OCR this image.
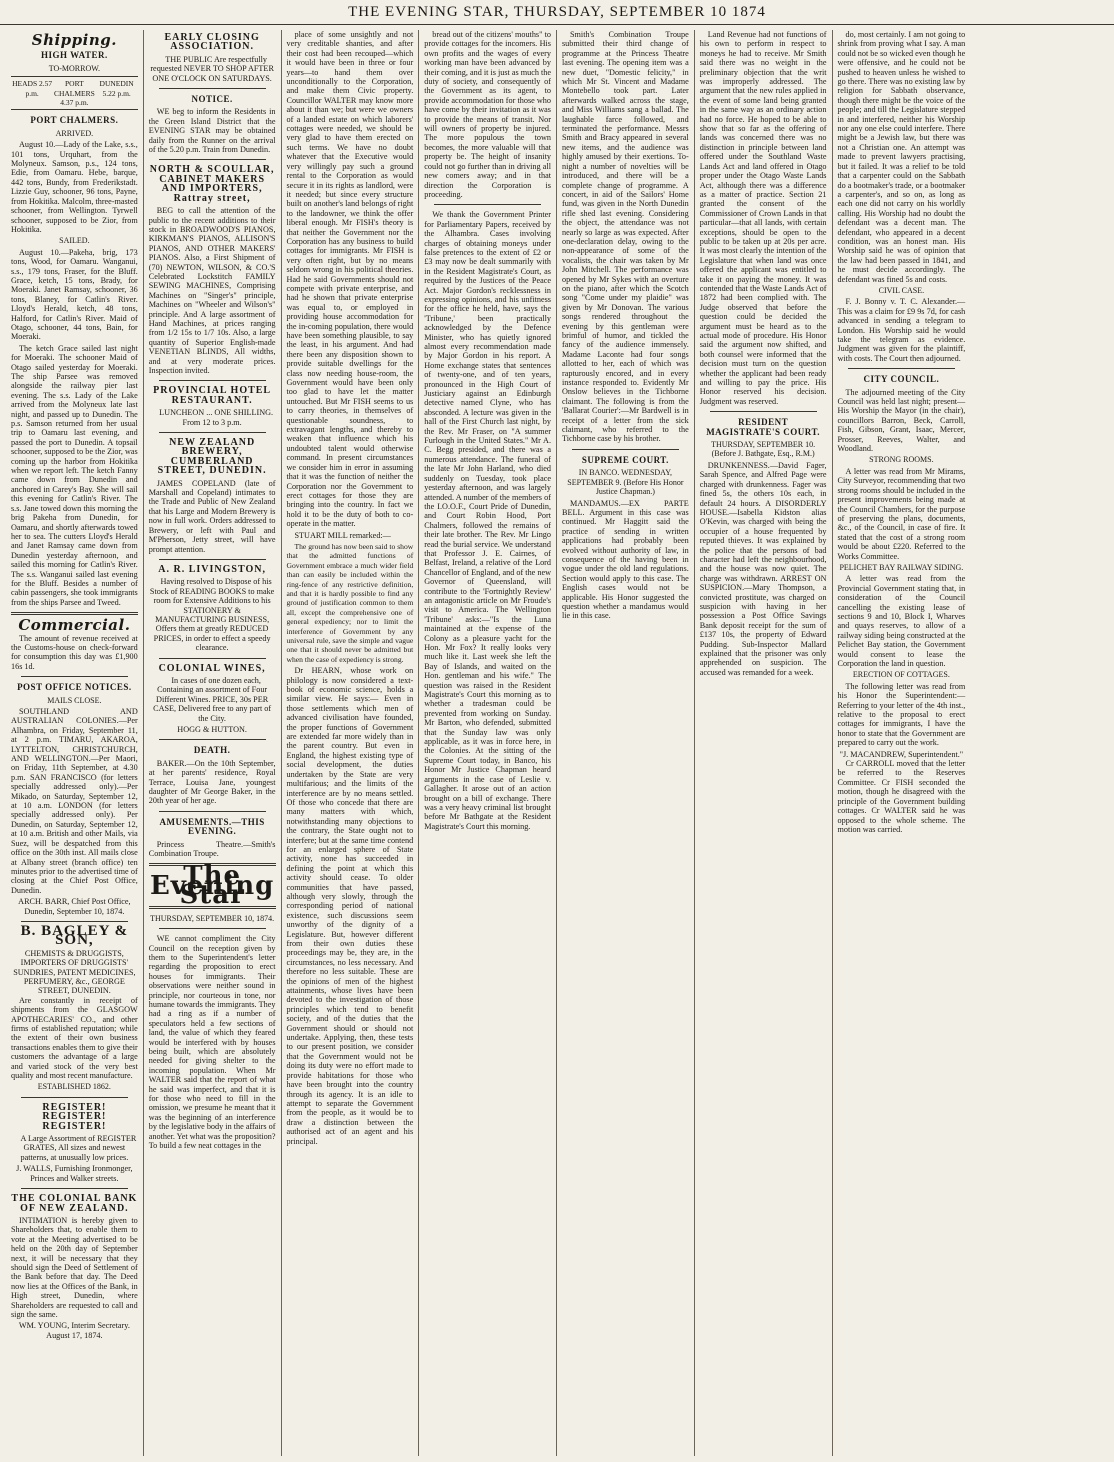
THE EVENING STAR, THURSDAY, SEPTEMBER 10 1874
Shipping.
HIGH WATER.
TO-MORROW.
HEADS 2.57 p.m.
PORT CHALMERS 4.37 p.m.
DUNEDIN 5.22 p.m.
PORT CHALMERS.
ARRIVED.

August 10.—Lady of the Lake, s.s., 101 tons, Urquhart, from the Molyneux. Samson, p.s., 124 tons, Edie, from Oamaru. Hebe, barque, 442 tons, Bundy, from Frederikstadt. Lizzie Guy, schooner, 96 tons, Payne, from Hokitika. Malcolm, three-masted schooner, from Wellington. Tyrwell schooner, supposed to be Zior, from Hokitika.

SAILED.

August 10.—Pakeha, brig, 173 tons, Wood, for Oamaru. Wanganui, s.s., 179 tons, Fraser, for the Bluff. Grace, ketch, 15 tons, Brady, for Moeraki. Janet Ramsay, schooner, 36 tons, Blaney, for Catlin's River. Lloyd's Herald, ketch, 48 tons, Halford, for Catlin's River. Maid of Otago, schooner, 44 tons, Bain, for Moeraki.

The ketch Grace sailed last night for Moeraki. The schooner Maid of Otago sailed yesterday for Moeraki. The ship Parsee was removed alongside the railway pier last evening. The s.s. Lady of the Lake arrived from the Molyneux late last night, and passed up to Dunedin. The p.s. Samson returned from her usual trip to Oamaru last evening, and passed the port to Dunedin. A topsail schooner, supposed to be the Zior, was coming up the harbor from Hokitika when we report left. The ketch Fanny came down from Dunedin and anchored in Carey's Bay. She will sail this evening for Catlin's River. The s.s. Jane towed down this morning the brig Pakeha from Dunedin, for Oamaru, and shortly afterwards towed her to sea. The cutters Lloyd's Herald and Janet Ramsay came down from Dunedin yesterday afternoon, and sailed this morning for Catlin's River. The s.s. Wanganui sailed last evening for the Bluff. Besides a number of cabin passengers, she took immigrants from the ships Parsee and Tweed.

Commercial.

The amount of revenue received at the Customs-house on check-forward for consumption this day was £1,900 16s 1d.

POST OFFICE NOTICES.
MAILS CLOSE.

SOUTHLAND AND AUSTRALIAN COLONIES.—Per Alhambra, on Friday, September 11, at 2 p.m. TIMARU, AKAROA, LYTTELTON, CHRISTCHURCH, AND WELLINGTON.—Per Maori, on Friday, 11th September, at 4.30 p.m. SAN FRANCISCO (for letters specially addressed only).—Per Mikado, on Saturday, September 12, at 10 a.m. LONDON (for letters specially addressed only). Per Dunedin, on Saturday, September 12, at 10 a.m. British and other Mails, via Suez, will be despatched from this office on the 30th inst. All mails close at Albany street (branch office) ten minutes prior to the advertised time of closing at the Chief Post Office, Dunedin.

ARCH. BARR, Chief Post Office, Dunedin, September 10, 1874.
B. BAGLEY & SON,
CHEMISTS & DRUGGISTS, IMPORTERS OF DRUGGISTS' SUNDRIES, PATENT MEDICINES, PERFUMERY, &c., GEORGE STREET, DUNEDIN.

Are constantly in receipt of shipments from the GLASGOW APOTHECARIES' CO., and other firms of established reputation; while the extent of their own business transactions enables them to give their customers the advantage of a large and varied stock of the very best quality and most recent manufacture.

ESTABLISHED 1862.
REGISTER! REGISTER! REGISTER!

A Large Assortment of REGISTER GRATES, All sizes and newest patterns, at unusually low prices.

J. WALLS, Furnishing Ironmonger, Princes and Walker streets.
THE COLONIAL BANK OF NEW ZEALAND.

INTIMATION is hereby given to Shareholders that, to enable them to vote at the Meeting advertised to be held on the 20th day of September next, it will be necessary that they should sign the Deed of Settlement of the Bank before that day. The Deed now lies at the Offices of the Bank, in High street, Dunedin, where Shareholders are requested to call and sign the same.

WM. YOUNG, Interim Secretary. August 17, 1874.
EARLY CLOSING ASSOCIATION.

THE PUBLIC Are respectfully requested NEVER TO SHOP AFTER ONE O'CLOCK ON SATURDAYS.

NOTICE.

WE beg to inform the Residents in the Green Island District that the EVENING STAR may be obtained daily from the Runner on the arrival of the 5.20 p.m. Train from Dunedin.

NORTH & SCOULLAR, CABINET MAKERS AND IMPORTERS, Rattray street,

BEG to call the attention of the public to the recent additions to their stock in BROADWOOD'S PIANOS, KIRKMAN'S PIANOS, ALLISON'S PIANOS, AND OTHER MAKERS' PIANOS. Also, a First Shipment of (70) NEWTON, WILSON, & CO.'S Celebrated Lockstitch FAMILY SEWING MACHINES, Comprising Machines on "Singer's" principle, Machines on "Wheeler and Wilson's" principle. And A large assortment of Hand Machines, at prices ranging from 1/2 15s to 1/7 10s. Also, a large quantity of Superior English-made VENETIAN BLINDS, All widths, and at very moderate prices. Inspection invited.

PROVINCIAL HOTEL RESTAURANT.

LUNCHEON ... ONE SHILLING. From 12 to 3 p.m.

NEW ZEALAND BREWERY, CUMBERLAND STREET, DUNEDIN.

JAMES COPELAND (late of Marshall and Copeland) intimates to the Trade and Public of New Zealand that his Large and Modern Brewery is now in full work. Orders addressed to Brewery, or left with Paul and M'Pherson, Jetty street, will have prompt attention.

A. R. LIVINGSTON,

Having resolved to Dispose of his Stock of READING BOOKS to make room for Extensive Additions to his STATIONERY & MANUFACTURING BUSINESS, Offers them at greatly REDUCED PRICES, in order to effect a speedy clearance.

COLONIAL WINES,

In cases of one dozen each, Containing an assortment of Four Different Wines. PRICE, 30s PER CASE, Delivered free to any part of the City.

HOGG & HUTTON.
DEATH.

BAKER.—On the 10th September, at her parents' residence, Royal Terrace, Louisa Jane, youngest daughter of Mr George Baker, in the 20th year of her age.

AMUSEMENTS.—THIS EVENING.

Princess Theatre.—Smith's Combination Troupe.

The Evening Star
THURSDAY, SEPTEMBER 10, 1874.

WE cannot compliment the City Council on the reception given by them to the Superintendent's letter regarding the proposition to erect houses for immigrants. Their observations were neither sound in principle, nor courteous in tone, nor humane towards the immigrants. They had a ring as if a number of speculators held a few sections of land, the value of which they feared would be interfered with by houses being built, which are absolutely needed for giving shelter to the incoming population. When Mr WALTER said that the report of what he said was imperfect, and that it is for those who need to fill in the omission, we presume he meant that it was the beginning of an interference by the legislative body in the affairs of another. Yet what was the proposition? To build a few neat cottages in the

place of some unsightly and not very creditable shanties, and after their cost had been recouped—which it would have been in three or four years—to hand them over unconditionally to the Corporation, and make them Civic property. Councillor WALTER may know more about it than we; but were we owners of a landed estate on which laborers' cottages were needed, we should be very glad to have them erected on such terms. We have no doubt whatever that the Executive would very willingly pay such a ground rental to the Corporation as would secure it in its rights as landlord, were it needed; but since every structure built on another's land belongs of right to the landowner, we think the offer liberal enough. Mr FISH's theory is that neither the Government nor the Corporation has any business to build cottages for immigrants. Mr FISH is very often right, but by no means seldom wrong in his political theories. Had he said Governments should not compete with private enterprise, and had he shown that private enterprise was equal to, or employed in providing house accommodation for the in-coming population, there would have been something plausible, to say the least, in his argument. And had there been any disposition shown to provide suitable dwellings for the class now needing house-room, the Government would have been only too glad to have let the matter untouched. But Mr FISH seems to us to carry theories, in themselves of questionable soundness, to extravagant lengths, and thereby to weaken that influence which his undoubted talent would otherwise command. In present circumstances we consider him in error in assuming that it was the function of neither the Corporation nor the Government to erect cottages for those they are bringing into the country. In fact we hold it to be the duty of both to co-operate in the matter.

STUART MILL remarked:—

The ground has now been said to show that the admitted functions of Government embrace a much wider field than can easily be included within the ring-fence of any restrictive definition, and that it is hardly possible to find any ground of justification common to them all, except the comprehensive one of general expediency; nor to limit the interference of Government by any universal rule, save the simple and vague one that it should never be admitted but when the case of expediency is strong.

Dr HEARN, whose work on philology is now considered a text-book of economic science, holds a similar view. He says:— Even in those settlements which men of advanced civilisation have founded, the proper functions of Government are extended far more widely than in the parent country. But even in England, the highest existing type of social development, the duties undertaken by the State are very multifarious; and the limits of the interference are by no means settled. Of those who concede that there are many matters with which, notwithstanding many objections to the contrary, the State ought not to interfere; but at the same time contend for an enlarged sphere of State activity, none has succeeded in defining the point at which this activity should cease. To older communities that have passed, although very slowly, through the corresponding period of national existence, such discussions seem unworthy of the dignity of a Legislature. But, however different from their own duties these proceedings may be, they are, in the circumstances, no less necessary. And therefore no less suitable. These are the opinions of men of the highest attainments, whose lives have been devoted to the investigation of those principles which tend to benefit society, and of the duties that the Government should or should not undertake. Applying, then, these tests to our present position, we consider that the Government would not be doing its duty were no effort made to provide habitations for those who have been brought into the country through its agency. It is an idle to attempt to separate the Government from the people, as it would be to draw a distinction between the authorised act of an agent and his principal.

bread out of the citizens' mouths" to provide cottages for the incomers. His own profits and the wages of every working man have been advanced by their coming, and it is just as much the duty of society, and consequently of the Government as its agent, to provide accommodation for those who have come by their invitation as it was to provide the means of transit. Nor will owners of property be injured. The more populous the town becomes, the more valuable will that property be. The height of insanity could not go further than in driving all new comers away; and in that direction the Corporation is proceeding.

We thank the Government Printer for Parliamentary Papers, received by the Alhambra. Cases involving charges of obtaining moneys under false pretences to the extent of £2 or £3 may now be dealt summarily with in the Resident Magistrate's Court, as required by the Justices of the Peace Act. Major Gordon's recklessness in expressing opinions, and his unfitness for the office he held, have, says the 'Tribune,' been practically acknowledged by the Defence Minister, who has quietly ignored almost every recommendation made by Major Gordon in his report. A Home exchange states that sentences of twenty-one, and of ten years, pronounced in the High Court of Justiciary against an Edinburgh detective named Clyne, who has absconded. A lecture was given in the hall of the First Church last night, by the Rev. Mr Fraser, on "A summer Furlough in the United States." Mr A. C. Begg presided, and there was a numerous attendance. The funeral of the late Mr John Harland, who died suddenly on Tuesday, took place yesterday afternoon, and was largely attended. A number of the members of the I.O.O.F., Court Pride of Dunedin, and Court Robin Hood, Port Chalmers, followed the remains of their late brother. The Rev. Mr Lingo read the burial service. We understand that Professor J. E. Cairnes, of Belfast, Ireland, a relative of the Lord Chancellor of England, and of the new Governor of Queensland, will contribute to the 'Fortnightly Review' an antagonistic article on Mr Froude's visit to America. The Wellington 'Tribune' asks:—"Is the Luna maintained at the expense of the Colony as a pleasure yacht for the Hon. Mr Fox? It really looks very much like it. Last week she left the Bay of Islands, and waited on the Hon. gentleman and his wife." The question was raised in the Resident Magistrate's Court this morning as to whether a tradesman could be prevented from working on Sunday. Mr Barton, who defended, submitted that the Sunday law was only applicable, as it was in force here, in the Colonies. At the sitting of the Supreme Court today, in Banco, his Honor Mr Justice Chapman heard arguments in the case of Leslie v. Gallagher. It arose out of an action brought on a bill of exchange. There was a very heavy criminal list brought before Mr Bathgate at the Resident Magistrate's Court this morning.

Smith's Combination Troupe submitted their third change of programme at the Princess Theatre last evening. The opening item was a new duet, "Domestic felicity," in which Mr St. Vincent and Madame Montebello took part. Later afterwards walked across the stage, and Miss Williams sang a ballad. The laughable farce followed, and terminated the performance. Messrs Smith and Bracy appeared in several new items, and the audience was highly amused by their exertions. To-night a number of novelties will be introduced, and there will be a complete change of programme. A concert, in aid of the Sailors' Home fund, was given in the North Dunedin rifle shed last evening. Considering the object, the attendance was not nearly so large as was expected. After one-declaration delay, owing to the non-appearance of some of the vocalists, the chair was taken by Mr John Mitchell. The performance was opened by Mr Sykes with an overture on the piano, after which the Scotch song "Come under my plaidie" was given by Mr Donovan. The various songs rendered throughout the evening by this gentleman were brimful of humor, and tickled the fancy of the audience immensely. Madame Laconte had four songs allotted to her, each of which was rapturously encored, and in every instance responded to. Evidently Mr Onslow believes in the Tichborne claimant. The following is from the 'Ballarat Courier':—Mr Bardwell is in receipt of a letter from the sick claimant, who referred to the Tichborne case by his brother.

SUPREME COURT.
IN BANCO. WEDNESDAY, SEPTEMBER 9. (Before His Honor Justice Chapman.)

MANDAMUS.—EX PARTE BELL. Argument in this case was continued. Mr Haggitt said the practice of sending in written applications had probably been evolved without authority of law, in consequence of the having been in vogue under the old land regulations. Section would apply to this case. The English cases would not be applicable. His Honor suggested the question whether a mandamus would lie in this case.

Land Revenue had not functions of his own to perform in respect to moneys he had to receive. Mr Smith said there was no weight in the preliminary objection that the writ was improperly addressed. The argument that the new rules applied in the event of some land being granted in the same way as an ordinary action had no force. He hoped to be able to show that so far as the offering of lands was concerned there was no distinction in principle between land offered under the Southland Waste Lands Act and land offered in Otago proper under the Otago Waste Lands Act, although there was a difference as a matter of practice. Section 21 granted the consent of the Commissioner of Crown Lands in that particular—that all lands, with certain exceptions, should be open to the public to be taken up at 20s per acre. It was most clearly the intention of the Legislature that when land was once offered the applicant was entitled to take it on paying the money. It was contended that the Waste Lands Act of 1872 had been complied with. The Judge observed that before the question could be decided the argument must be heard as to the actual mode of procedure. His Honor said the argument now shifted, and both counsel were informed that the decision must turn on the question whether the applicant had been ready and willing to pay the price. His Honor reserved his decision. Judgment was reserved.

RESIDENT MAGISTRATE'S COURT.
THURSDAY, SEPTEMBER 10. (Before J. Bathgate, Esq., R.M.)

DRUNKENNESS.—David Fager, Sarah Spence, and Alfred Page were charged with drunkenness. Fager was fined 5s, the others 10s each, in default 24 hours. A DISORDERLY HOUSE.—Isabella Kidston alias O'Kevin, was charged with being the occupier of a house frequented by reputed thieves. It was explained by the police that the persons of bad character had left the neighbourhood, and the house was now quiet. The charge was withdrawn. ARREST ON SUSPICION.—Mary Thompson, a convicted prostitute, was charged on suspicion with having in her possession a Post Office Savings Bank deposit receipt for the sum of £137 10s, the property of Edward Pudding. Sub-Inspector Mallard explained that the prisoner was only apprehended on suspicion. The accused was remanded for a week.

do, most certainly. I am not going to shrink from proving what I say. A man could not be so wicked even though he were offensive, and he could not be pushed to heaven unless he wished to go there. There was no existing law by religion for Sabbath observance, though there might be the voice of the people; and till the Legislature stepped in and interfered, neither his Worship nor any one else could interfere. There might be a Jewish law, but there was not a Christian one. An attempt was made to prevent lawyers practising, but it failed. It was a relief to be told that a carpenter could on the Sabbath do a bootmaker's trade, or a bootmaker a carpenter's, and so on, as long as each one did not carry on his worldly calling. His Worship had no doubt the defendant was a decent man. The defendant, who appeared in a decent condition, was an honest man. His Worship said he was of opinion that the law had been passed in 1841, and he must decide accordingly. The defendant was fined 5s and costs.

CIVIL CASE.

F. J. Bonny v. T. C. Alexander.—This was a claim for £9 9s 7d, for cash advanced in sending a telegram to London. His Worship said he would take the telegram as evidence. Judgment was given for the plaintiff, with costs. The Court then adjourned.

CITY COUNCIL.

The adjourned meeting of the City Council was held last night; present—His Worship the Mayor (in the chair), councillors Barron, Beck, Carroll, Fish, Gibson, Grant, Isaac, Mercer, Prosser, Reeves, Walter, and Woodland.

STRONG ROOMS.

A letter was read from Mr Mirams, City Surveyor, recommending that two strong rooms should be included in the present improvements being made at the Council Chambers, for the purpose of preserving the plans, documents, &c., of the Council, in case of fire. It stated that the cost of a strong room would be about £220. Referred to the Works Committee.

PELICHET BAY RAILWAY SIDING.

A letter was read from the Provincial Government stating that, in consideration of the Council cancelling the existing lease of sections 9 and 10, Block I, Wharves and quays reserves, to allow of a railway siding being constructed at the Pelichet Bay station, the Government would consent to lease the Corporation the land in question.

ERECTION OF COTTAGES.

The following letter was read from his Honor the Superintendent:—Referring to your letter of the 4th inst., relative to the proposal to erect cottages for immigrants, I have the honor to state that the Government are prepared to carry out the work.

"J. MACANDREW, Superintendent."

Cr CARROLL moved that the letter be referred to the Reserves Committee. Cr FISH seconded the motion, though he disagreed with the principle of the Government building cottages. Cr WALTER said he was opposed to the whole scheme. The motion was carried.
